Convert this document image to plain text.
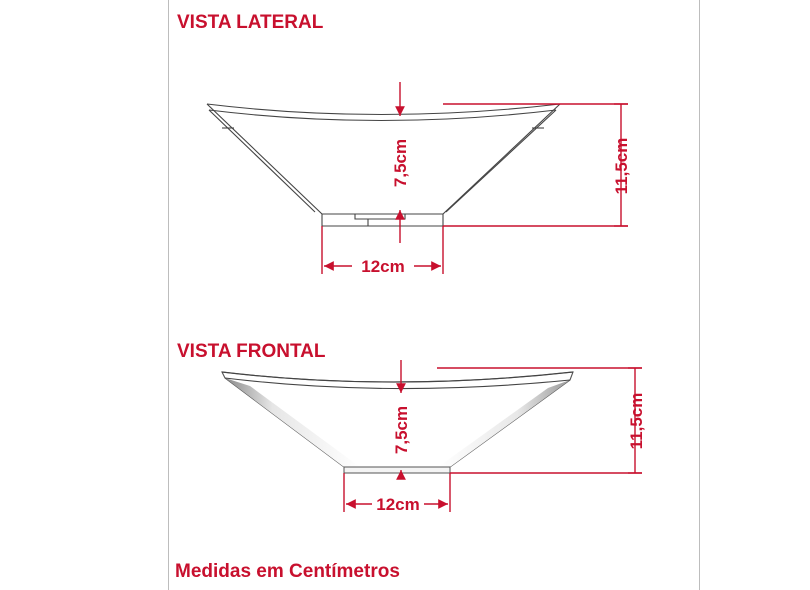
VISTA LATERAL
VISTA FRONTAL
Medidas em Centímetros
7,5cm	11,5cm
12cm
7,5cm	11,5cm
12cm
